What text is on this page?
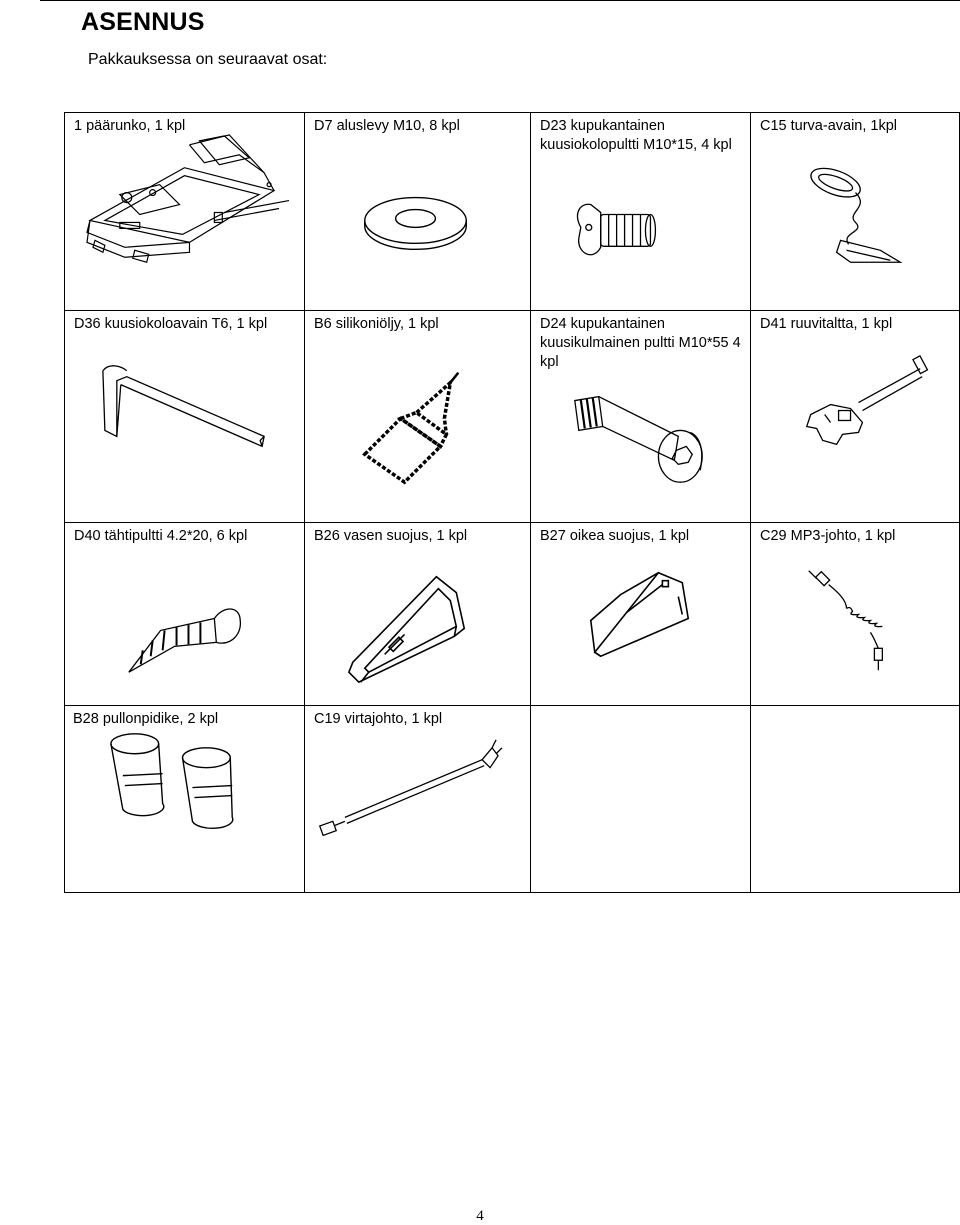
ASENNUS
Pakkauksessa on seuraavat osat:
1 päärunko, 1 kpl	D7 aluslevy M10, 8 kpl	D23 kupukantainen kuusiokolopultti M10*15, 4 kpl	C15 turva-avain, 1kpl

D36 kuusiokoloavain T6, 1 kpl	B6 silikoniöljy, 1 kpl	D24 kupukantainen kuusikulmainen pultti M10*55 4 kpl	D41 ruuvitaltta, 1 kpl

D40 tähtipultti 4.2*20, 6 kpl	B26 vasen suojus, 1 kpl	B27 oikea suojus, 1 kpl	C29 MP3-johto, 1 kpl

B28 pullonpidike, 2 kpl	C19 virtajohto, 1 kpl		

4
